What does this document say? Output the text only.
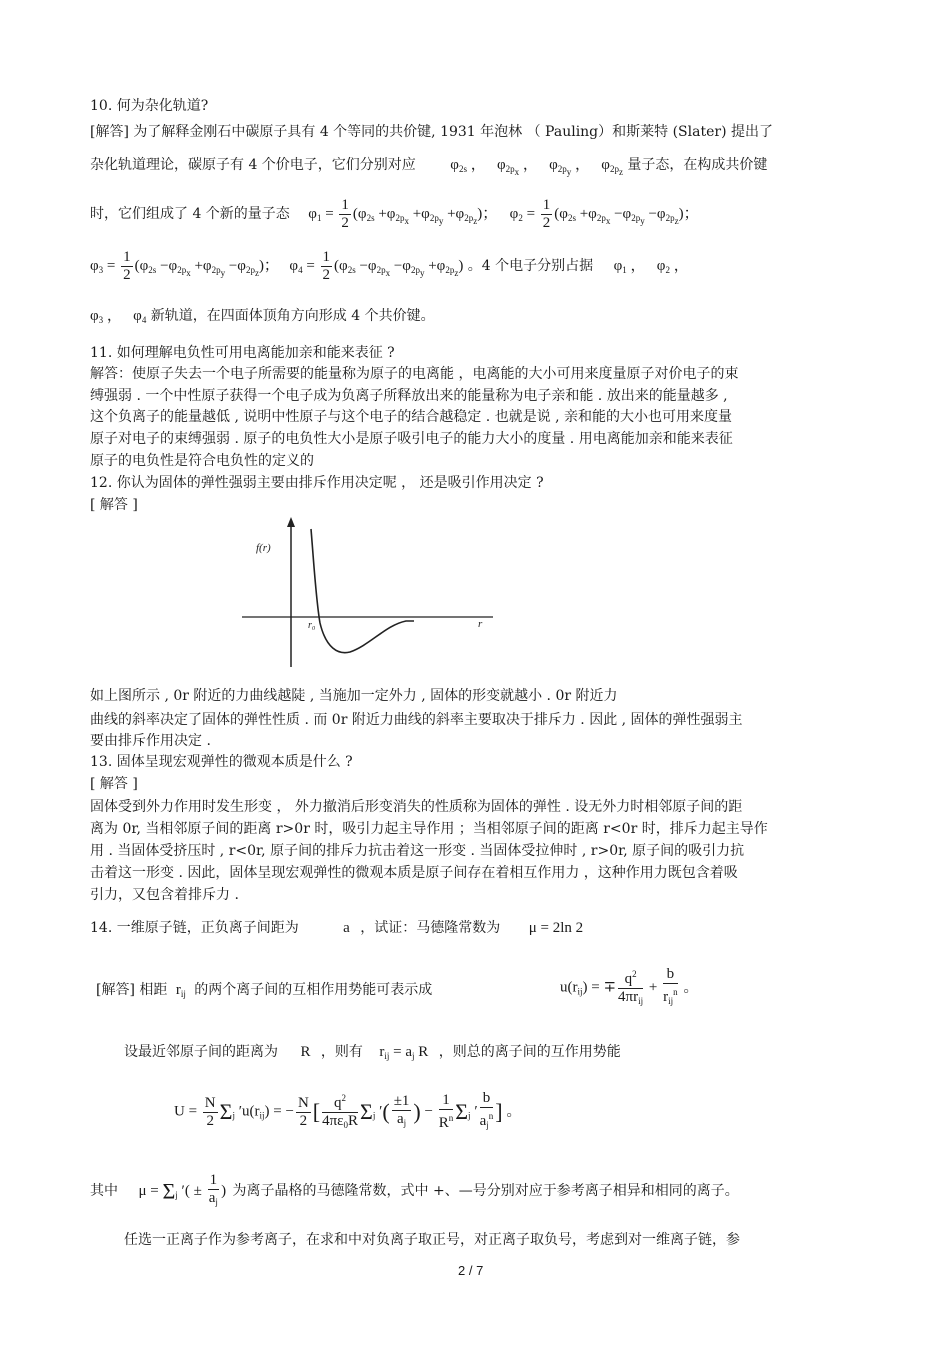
10. 何为杂化轨道?
[解答] 为了解释金刚石中碳原子具有 4 个等同的共价键, 1931 年泡林 （ Pauling）和斯莱特 (Slater) 提出了
杂化轨道理论，碳原子有 4 个价电子，它们分别对应 $\varphi_{2s}$ ，   $\varphi_{2p_x}$ ，   $\varphi_{2p_y}$ ，   $\varphi_{2p_z}$ 量子态，在构成共价键
时，它们组成了 4 个新的量子态 $\varphi_1 = \frac{1}{2} (\varphi_{2s} +\varphi_{2p_x} +\varphi_{2p_y} +\varphi_{2p_z})$； $\varphi_2 = \frac{1}{2} (\varphi_{2s} +\varphi_{2p_x} -\varphi_{2p_y} -\varphi_{2p_z})$；
$\varphi_3 = \frac{1}{2} (\varphi_{2s} -\varphi_{2p_x} +\varphi_{2p_y} -\varphi_{2p_z})$； $\varphi_4 = \frac{1}{2} (\varphi_{2s} -\varphi_{2p_x} -\varphi_{2p_y} +\varphi_{2p_z})$ 。4 个电子分别占据 $\varphi_1$ ，   $\varphi_2$ ，
$\varphi_3$ ，   $\varphi_4$ 新轨道，在四面体顶角方向形成 4 个共价键。
11. 如何理解电负性可用电离能加亲和能来表征 ?
解答：使原子失去一个电子所需要的能量称为原子的电离能 ，电离能的大小可用来度量原子对价电子的束
缚强弱 . 一个中性原子获得一个电子成为负离子所释放出来的能量称为电子亲和能 . 放出来的能量越多 ,
这个负离子的能量越低 , 说明中性原子与这个电子的结合越稳定 . 也就是说 , 亲和能的大小也可用来度量
原子对电子的束缚强弱 . 原子的电负性大小是原子吸引电子的能力大小的度量 . 用电离能加亲和能来表征
原子的电负性是符合电负性的定义的
12. 你认为固体的弹性强弱主要由排斥作用决定呢 ， 还是吸引作用决定 ?
[ 解答 ]
f(r)
r
r₀
如上图所示 , 0r 附近的力曲线越陡 , 当施加一定外力 , 固体的形变就越小 . 0r 附近力
曲线的斜率决定了固体的弹性性质 . 而 0r 附近力曲线的斜率主要取决于排斥力 . 因此 , 固体的弹性强弱主
要由排斥作用决定 .
13. 固体呈现宏观弹性的微观本质是什么 ?
[ 解答 ]
固体受到外力作用时发生形变 ， 外力撤消后形变消失的性质称为固体的弹性 . 设无外力时相邻原子间的距
离为 0r, 当相邻原子间的距离 r>0r 时，吸引力起主导作用 ；当相邻原子间的距离 r<0r 时，排斥力起主导作
用 . 当固体受挤压时 , r<0r, 原子间的排斥力抗击着这一形变 . 当固体受拉伸时 , r>0r, 原子间的吸引力抗
击着这一形变 . 因此，固体呈现宏观弹性的微观本质是原子间存在着相互作用力 ，这种作用力既包含着吸
引力，又包含着排斥力 .
14. 一维原子链，正负离子间距为	a ，试证：马德隆常数为 μ = 2ln 2
[解答] 相距 $r_{ij}$ 的两个离子间的互相作用势能可表示成	$u(r_{ij})$ = ∓ $\frac{q^2}{4\pi r_{ij}} + \frac{b}{r_{ij}^n}$ 。
设最近邻原子间的距离为 R ，则有 $r_{ij} = a_j$ R ，则总的离子间的互作用势能
$U = \frac{N}{2} \Sigma_j$ $'u(r_{ij})$ = − $\frac{N}{2}$ [ $\frac{q^2}{4\pi\varepsilon_0R} \Sigma_j$ ′( $\frac{\pm 1}{a_j}$ ) − $\frac{1}{R^n} \Sigma_j$ ′ $\frac{b}{a_j^n}$ ] 。
其中 $\mu = \Sigma_j$ ′( ± $\frac{1}{a_j}$ ) 为离子晶格的马德隆常数，式中 +、—号分别对应于参考离子相异和相同的离子。
任选一正离子作为参考离子，在求和中对负离子取正号，对正离子取负号，考虑到对一维离子链，参
2 / 7
